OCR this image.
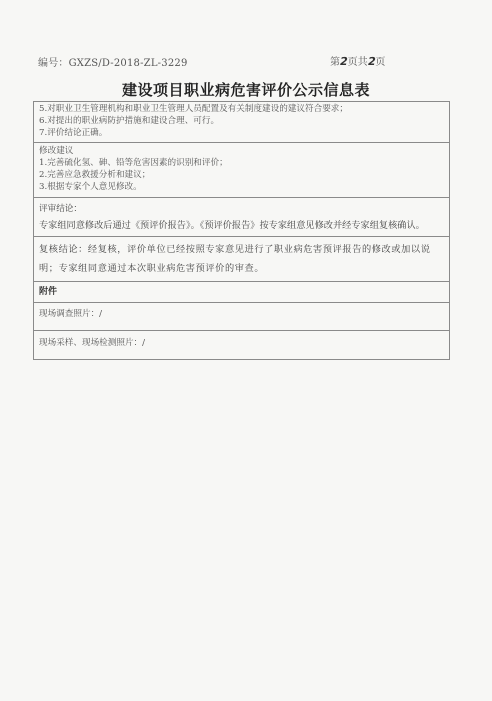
编号：GXZS/D-2018-ZL-3229	第2页共2页
建设项目职业病危害评价公示信息表
5.对职业卫生管理机构和职业卫生管理人员配置及有关制度建设的建议符合要求；
6.对提出的职业病防护措施和建设合理、可行。
7.评价结论正确。
修改建议
1.完善硫化氢、砷、铅等危害因素的识别和评价；
2.完善应急救援分析和建议；
3.根据专家个人意见修改。
评审结论：
专家组同意修改后通过《预评价报告》。《预评价报告》按专家组意见修改并经专家组复核确认。
复核结论：经复核，评价单位已经按照专家意见进行了职业病危害预评报告的修改或加以说明；专家组同意通过本次职业病危害预评价的审查。
附件
现场调查照片：/
现场采样、现场检测照片：/
